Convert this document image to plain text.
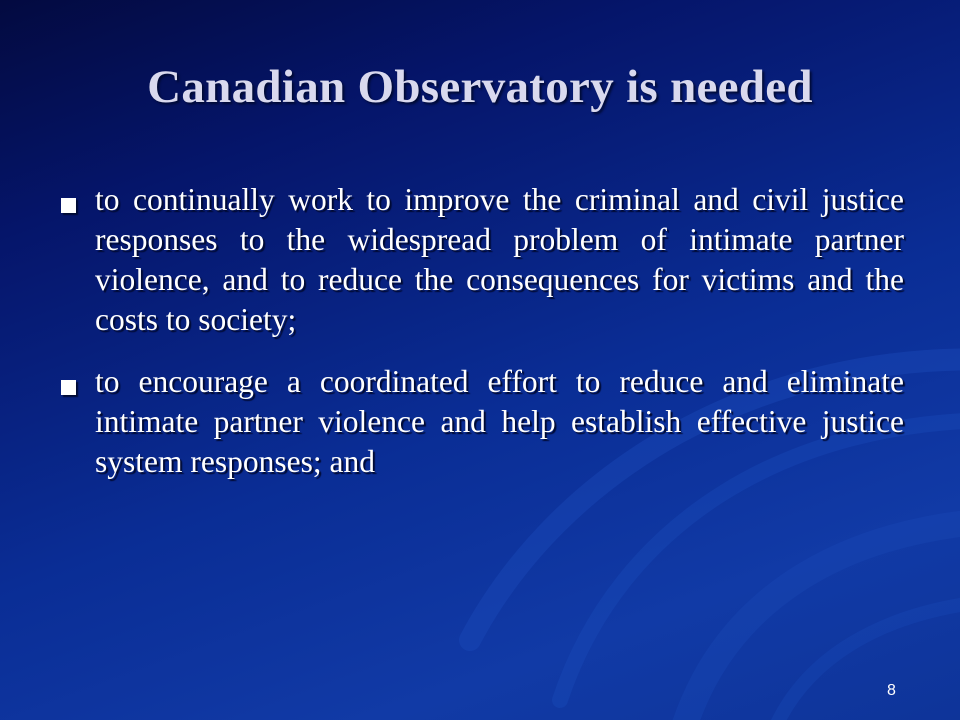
Canadian Observatory is needed
to continually work to improve the criminal and civil justice responses to the widespread problem of intimate partner violence, and to reduce the consequences for victims and the costs to society;
to encourage a coordinated effort to reduce and eliminate intimate partner violence and help establish effective justice system responses; and
8
